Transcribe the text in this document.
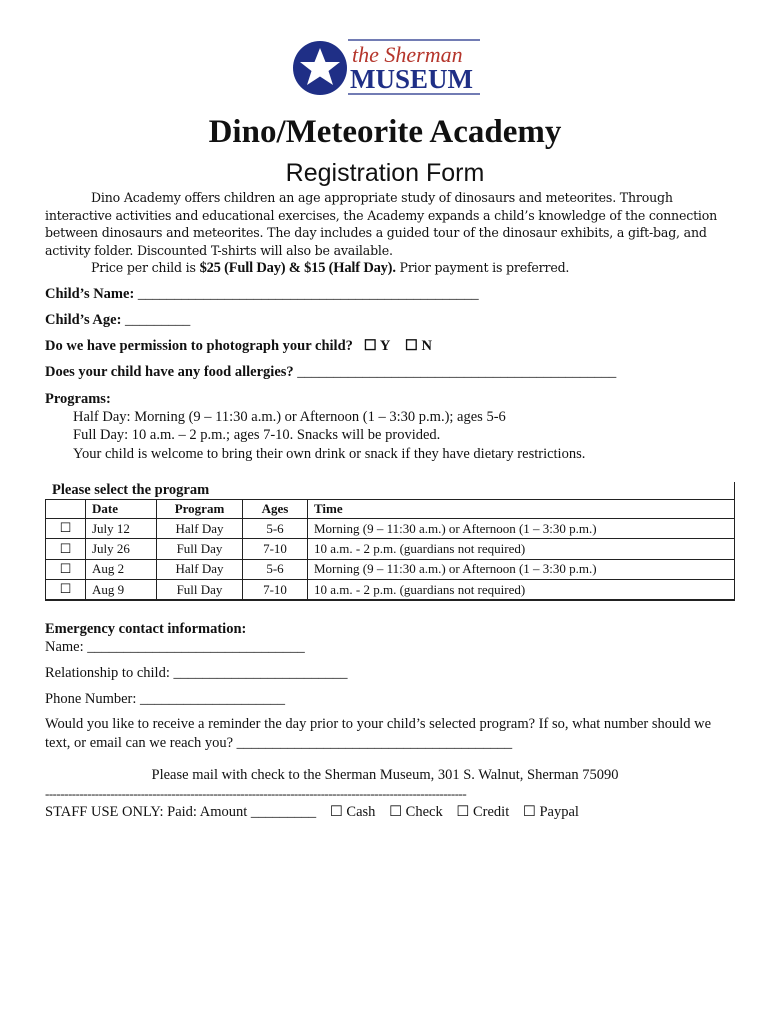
the Sherman
MUSEUM
Dino/Meteorite Academy
Registration Form
Dino Academy offers children an age appropriate study of dinosaurs and meteorites. Through interactive activities and educational exercises, the Academy expands a child’s knowledge of the connection between dinosaurs and meteorites. The day includes a guided tour of the dinosaur exhibits, a gift-bag, and activity folder. Discounted T-shirts will also be available.
Price per child is $25 (Full Day) & $15 (Half Day). Prior payment is preferred.
Child’s Name: _______________________________________________
Child’s Age: _________
Do we have permission to photograph your child? ☐ Y ☐ N
Does your child have any food allergies? ____________________________________________
Programs:
Half Day: Morning (9 – 11:30 a.m.) or Afternoon (1 – 3:30 p.m.); ages 5-6
Full Day: 10 a.m. – 2 p.m.; ages 7-10. Snacks will be provided.
Your child is welcome to bring their own drink or snack if they have dietary restrictions.
Please select the program
	Date	Program	Ages	Time
☐	July 12	Half Day	5-6	Morning (9 – 11:30 a.m.) or Afternoon (1 – 3:30 p.m.)
☐	July 26	Full Day	7-10	10 a.m. - 2 p.m. (guardians not required)
☐	Aug 2	Half Day	5-6	Morning (9 – 11:30 a.m.) or Afternoon (1 – 3:30 p.m.)
☐	Aug 9	Full Day	7-10	10 a.m. - 2 p.m. (guardians not required)
Emergency contact information:
Name: ______________________________
Relationship to child: ________________________
Phone Number: ____________________
Would you like to receive a reminder the day prior to your child’s selected program? If so, what number should we text, or email can we reach you? ______________________________________
Please mail with check to the Sherman Museum, 301 S. Walnut, Sherman 75090
--------------------------------------------------------------------------------------------------------------
STAFF USE ONLY: Paid: Amount _________ ☐ Cash ☐ Check ☐ Credit ☐ Paypal
